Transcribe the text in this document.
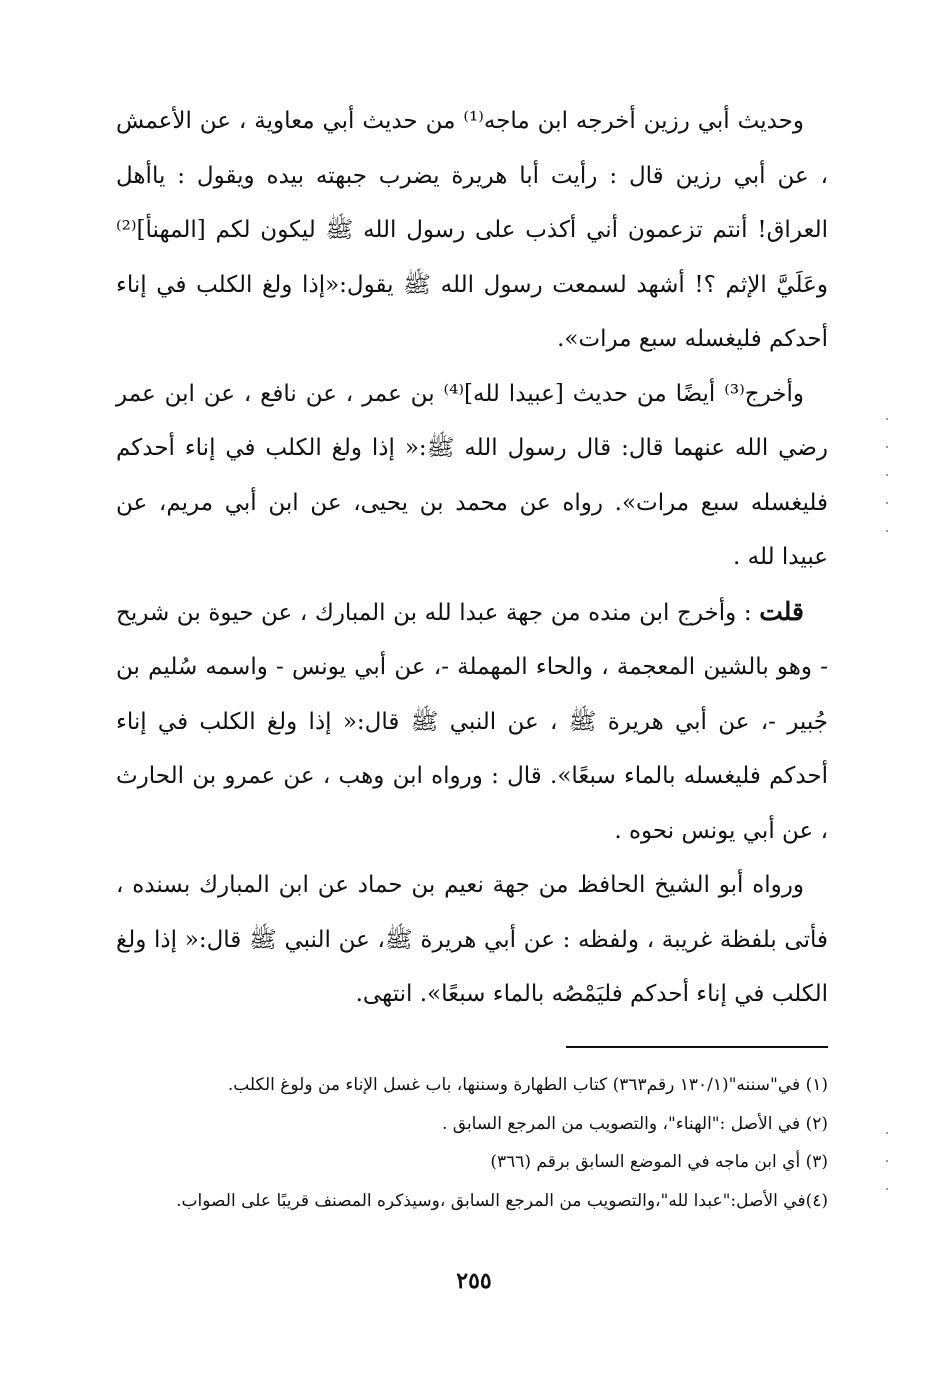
وحديث أبي رزين أخرجه ابن ماجه⁽¹⁾ من حديث أبي معاوية ، عن الأعمش ، عن أبي رزين قال : رأيت أبا هريرة يضرب جبهته بيده ويقول : ياأهل العراق! أنتم تزعمون أني أكذب على رسول الله ﷺ ليكون لكم [المهنأ]⁽²⁾ وعَلَيَّ الإثم ؟! أشهد لسمعت رسول الله ﷺ يقول:«إذا ولغ الكلب في إناء أحدكم فليغسله سبع مرات».

وأخرج⁽³⁾ أيضًا من حديث [عبيدا لله]⁽⁴⁾ بن عمر ، عن نافع ، عن ابن عمر رضي الله عنهما قال: قال رسول الله ﷺ:« إذا ولغ الكلب في إناء أحدكم فليغسله سبع مرات». رواه عن محمد بن يحيى، عن ابن أبي مريم، عن عبيدا لله .

قلت : وأخرج ابن منده من جهة عبدا لله بن المبارك ، عن حيوة بن شريح - وهو بالشين المعجمة ، والحاء المهملة -، عن أبي يونس - واسمه سُليم بن جُبير -، عن أبي هريرة ﷺ ، عن النبي ﷺ قال:« إذا ولغ الكلب في إناء أحدكم فليغسله بالماء سبعًا». قال : ورواه ابن وهب ، عن عمرو بن الحارث ، عن أبي يونس نحوه .

ورواه أبو الشيخ الحافظ من جهة نعيم بن حماد عن ابن المبارك بسنده ، فأتى بلفظة غريبة ، ولفظه : عن أبي هريرة ﷺ، عن النبي ﷺ قال:« إذا ولغ الكلب في إناء أحدكم فليَمْصُه بالماء سبعًا». انتهى.

(١) في"سننه"(١٣٠/١ رقم٣٦٣) كتاب الطهارة وسننها، باب غسل الإناء من ولوغ الكلب.

(٢) في الأصل :"الهناء"، والتصويب من المرجع السابق .

(٣) أي ابن ماجه في الموضع السابق برقم (٣٦٦)

(٤)في الأصل:"عبدا لله"،والتصويب من المرجع السابق ،وسيذكره المصنف قريبًا على الصواب.

٢٥٥
